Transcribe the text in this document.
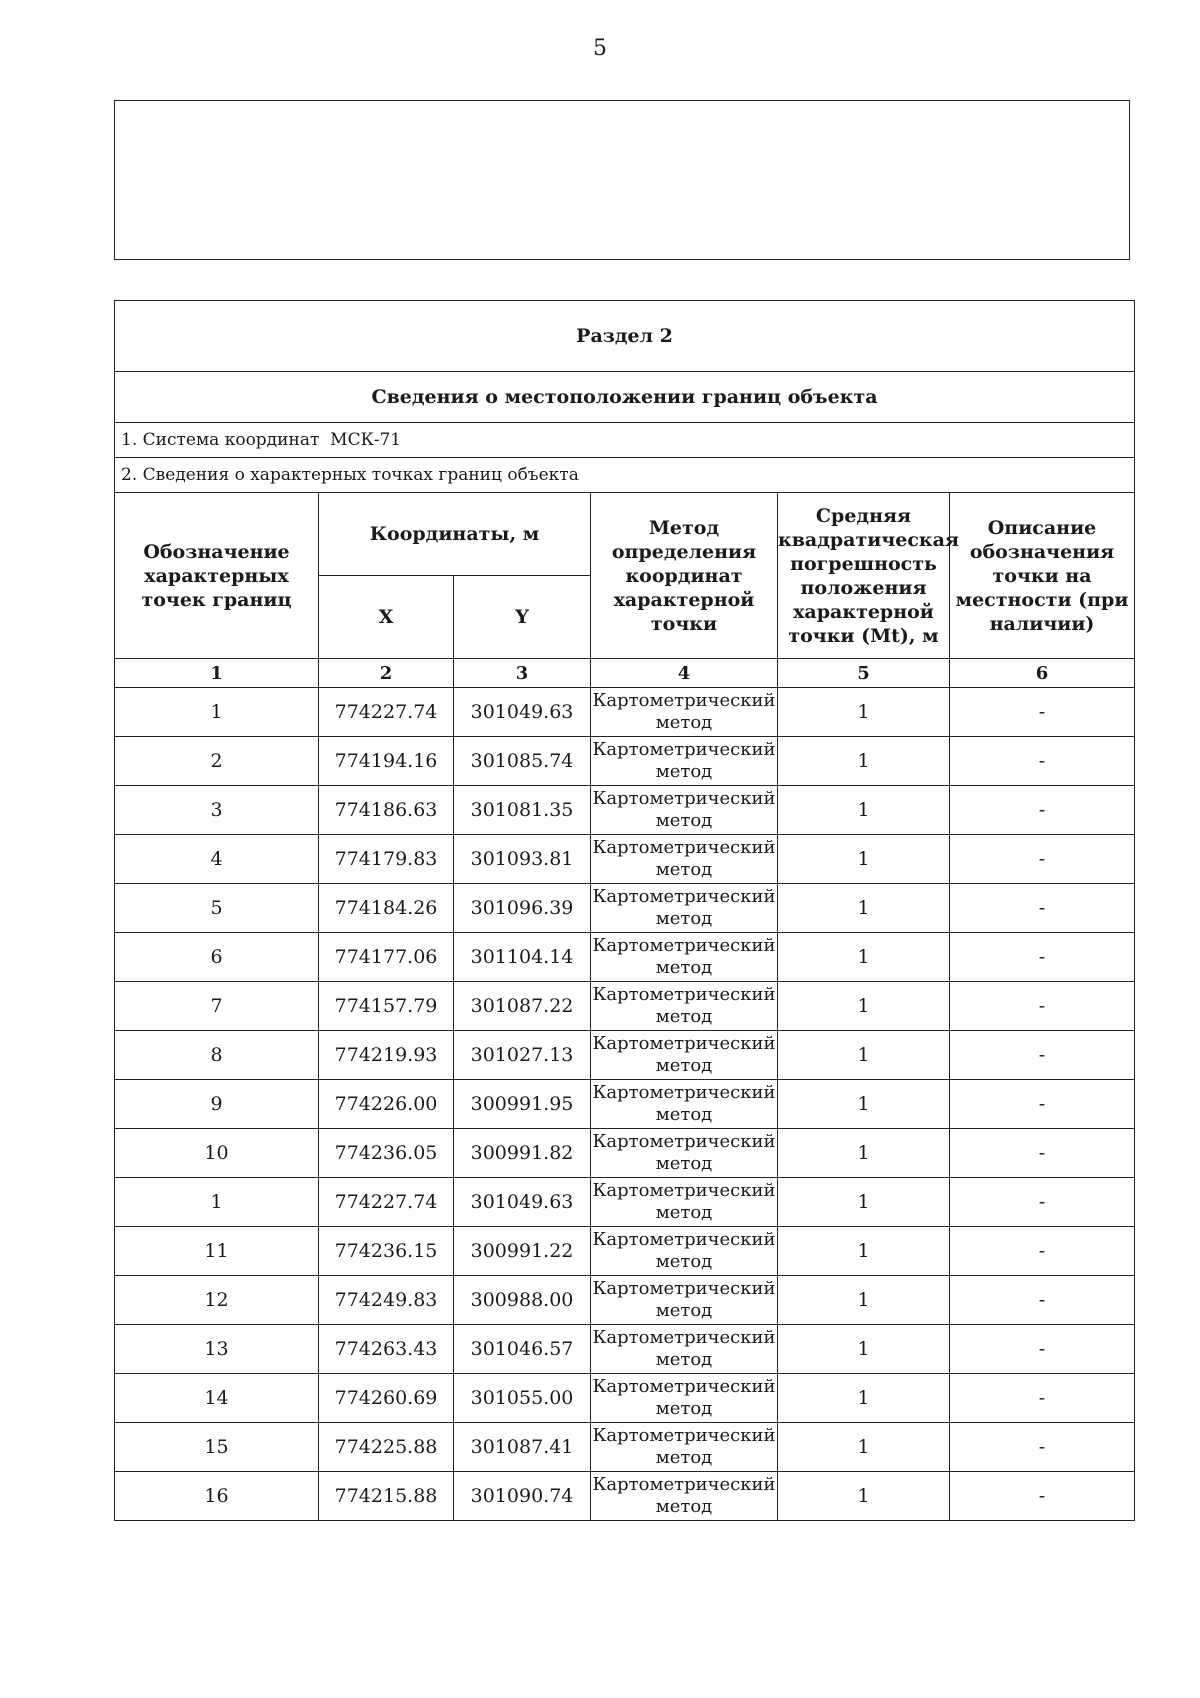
5
Раздел 2					
Сведения о местоположении границ объекта					
1. Система координат МСК-71					
2. Сведения о характерных точках границ объекта					
Обозначение характерных точек границ	Координаты, м		Метод определения координат характерной точки	Средняя квадратическая погрешность положения характерной точки (Mt), м	Описание обозначения точки на местности (при наличии)
	X	Y			
1	2	3	4	5	6
1	774227.74	301049.63	Картометрический метод	1	-
2	774194.16	301085.74	Картометрический метод	1	-
3	774186.63	301081.35	Картометрический метод	1	-
4	774179.83	301093.81	Картометрический метод	1	-
5	774184.26	301096.39	Картометрический метод	1	-
6	774177.06	301104.14	Картометрический метод	1	-
7	774157.79	301087.22	Картометрический метод	1	-
8	774219.93	301027.13	Картометрический метод	1	-
9	774226.00	300991.95	Картометрический метод	1	-
10	774236.05	300991.82	Картометрический метод	1	-
1	774227.74	301049.63	Картометрический метод	1	-
11	774236.15	300991.22	Картометрический метод	1	-
12	774249.83	300988.00	Картометрический метод	1	-
13	774263.43	301046.57	Картометрический метод	1	-
14	774260.69	301055.00	Картометрический метод	1	-
15	774225.88	301087.41	Картометрический метод	1	-
16	774215.88	301090.74	Картометрический метод	1	-
